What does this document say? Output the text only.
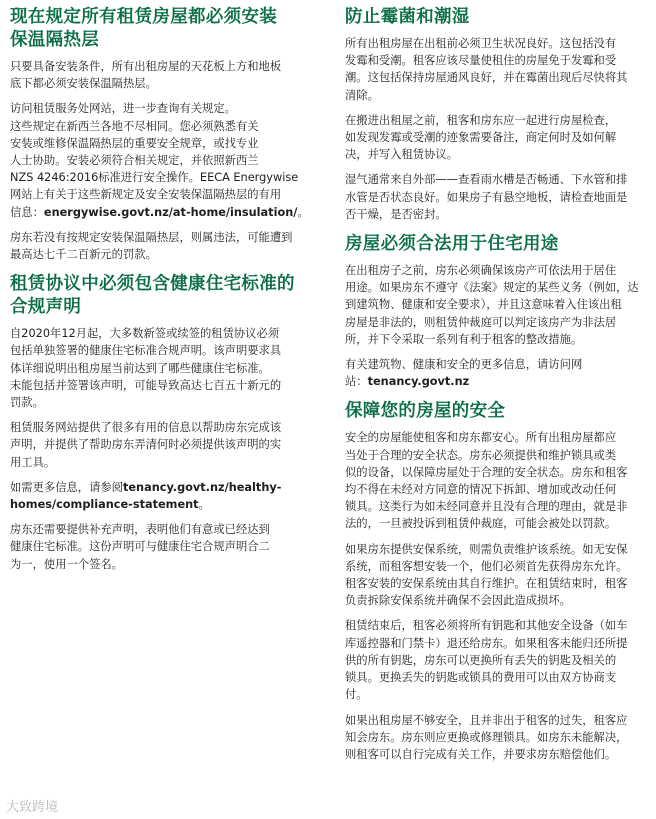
现在规定所有租赁房屋都必须安装
保温隔热层

只要具备安装条件，所有出租房屋的天花板上方和地板
底下都必须安装保温隔热层。

访问租赁服务处网站，进一步查询有关规定。
这些规定在新西兰各地不尽相同。您必须熟悉有关
安装或维修保温隔热层的重要安全规章，或找专业
人士协助。安装必须符合相关规定，并依照新西兰
NZS 4246:2016标准进行安全操作。EECA Energywise
网站上有关于这些新规定及安全安装保温隔热层的有用
信息：energywise.govt.nz/at-home/insulation/。

房东若没有按规定安装保温隔热层，则属违法，可能遭到
最高达七千二百新元的罚款。

租赁协议中必须包含健康住宅标准的
合规声明

自2020年12月起，大多数新签或续签的租赁协议必须
包括单独签署的健康住宅标准合规声明。该声明要求具
体详细说明出租房屋当前达到了哪些健康住宅标准。
未能包括并签署该声明，可能导致高达七百五十新元的
罚款。

租赁服务网站提供了很多有用的信息以帮助房东完成该
声明，并提供了帮助房东弄清何时必须提供该声明的实
用工具。

如需更多信息，请参阅tenancy.govt.nz/healthy-
homes/compliance-statement。

房东还需要提供补充声明，表明他们有意或已经达到
健康住宅标准。这份声明可与健康住宅合规声明合二
为一，使用一个签名。

防止霉菌和潮湿

所有出租房屋在出租前必须卫生状况良好。这包括没有
发霉和受潮。租客应该尽量使租住的房屋免于发霉和受
潮。这包括保持房屋通风良好，并在霉菌出现后尽快将其
清除。

在搬进出租屋之前，租客和房东应一起进行房屋检查，
如发现发霉或受潮的迹象需要备注，商定何时及如何解
决，并写入租赁协议。

湿气通常来自外部——查看雨水槽是否畅通、下水管和排
水管是否状态良好。如果房子有悬空地板，请检查地面是
否干燥，是否密封。

房屋必须合法用于住宅用途

在出租房子之前，房东必须确保该房产可依法用于居住
用途。如果房东不遵守《法案》规定的某些义务（例如，达
到建筑物、健康和安全要求），并且这意味着入住该出租
房屋是非法的，则租赁仲裁庭可以判定该房产为非法居
所，并下令采取一系列有利于租客的整改措施。

有关建筑物、健康和安全的更多信息，请访问网
站：tenancy.govt.nz

保障您的房屋的安全

安全的房屋能使租客和房东都安心。所有出租房屋都应
当处于合理的安全状态。房东必须提供和维护锁具或类
似的设备，以保障房屋处于合理的安全状态。房东和租客
均不得在未经对方同意的情况下拆卸、增加或改动任何
锁具。这类行为如未经同意并且没有合理的理由，就是非
法的，一旦被投诉到租赁仲裁庭，可能会被处以罚款。

如果房东提供安保系统，则需负责维护该系统。如无安保
系统，而租客想安装一个，他们必须首先获得房东允许。
租客安装的安保系统由其自行维护。在租赁结束时，租客
负责拆除安保系统并确保不会因此造成损坏。

租赁结束后，租客必须将所有钥匙和其他安全设备（如车
库遥控器和门禁卡）退还给房东。如果租客未能归还所提
供的所有钥匙，房东可以更换所有丢失的钥匙及相关的
锁具。更换丢失的钥匙或锁具的费用可以由双方协商支
付。

如果出租房屋不够安全，且并非出于租客的过失，租客应
知会房东。房东则应更换或修理锁具。如房东未能解决，
则租客可以自行完成有关工作，并要求房东赔偿他们。

大致跨境
